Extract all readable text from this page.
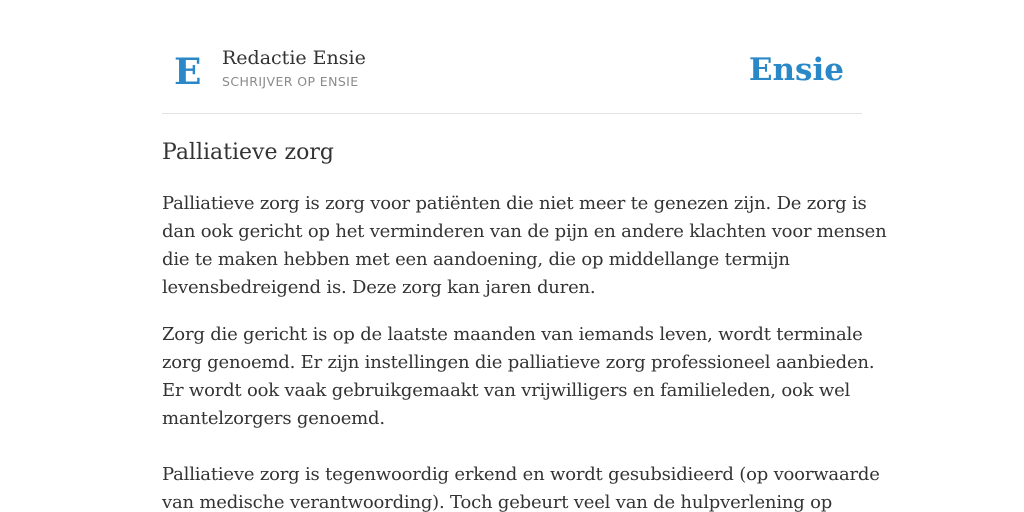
E Redactie Ensie
SCHRIJVER OP ENSIE	Ensie
Palliatieve zorg

Palliatieve zorg is zorg voor patiënten die niet meer te genezen zijn. De zorg is
dan ook gericht op het verminderen van de pijn en andere klachten voor mensen
die te maken hebben met een aandoening, die op middellange termijn
levensbedreigend is. Deze zorg kan jaren duren.

Zorg die gericht is op de laatste maanden van iemands leven, wordt terminale
zorg genoemd. Er zijn instellingen die palliatieve zorg professioneel aanbieden.
Er wordt ook vaak gebruikgemaakt van vrijwilligers en familieleden, ook wel
mantelzorgers genoemd.

Palliatieve zorg is tegenwoordig erkend en wordt gesubsidieerd (op voorwaarde
van medische verantwoording). Toch gebeurt veel van de hulpverlening op
